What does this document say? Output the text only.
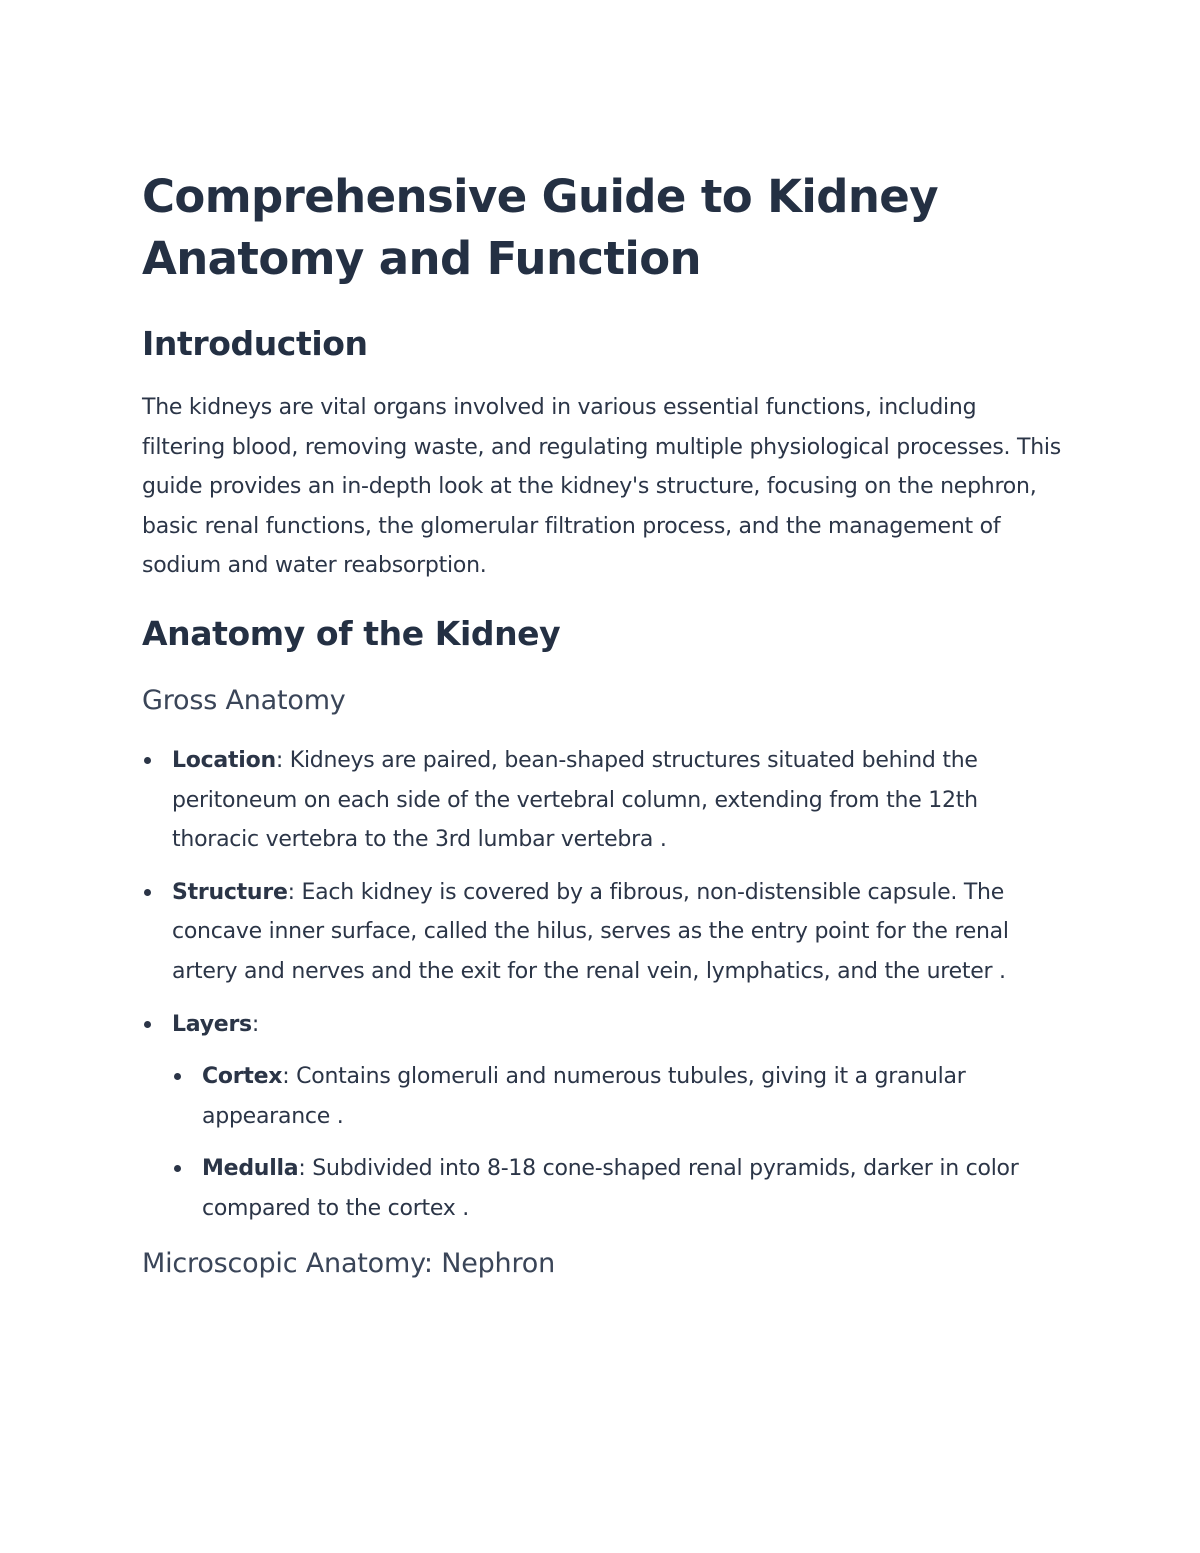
Comprehensive Guide to Kidney Anatomy and Function
Introduction

The kidneys are vital organs involved in various essential functions, including filtering blood, removing waste, and regulating multiple physiological processes. This guide provides an in-depth look at the kidney's structure, focusing on the nephron, basic renal functions, the glomerular filtration process, and the management of sodium and water reabsorption.

Anatomy of the Kidney
Gross Anatomy
Location: Kidneys are paired, bean-shaped structures situated behind the peritoneum on each side of the vertebral column, extending from the 12th thoracic vertebra to the 3rd lumbar vertebra .
Structure: Each kidney is covered by a fibrous, non-distensible capsule. The concave inner surface, called the hilus, serves as the entry point for the renal artery and nerves and the exit for the renal vein, lymphatics, and the ureter .
Layers:
Cortex: Contains glomeruli and numerous tubules, giving it a granular appearance .
Medulla: Subdivided into 8-18 cone-shaped renal pyramids, darker in color compared to the cortex .
Microscopic Anatomy: Nephron
